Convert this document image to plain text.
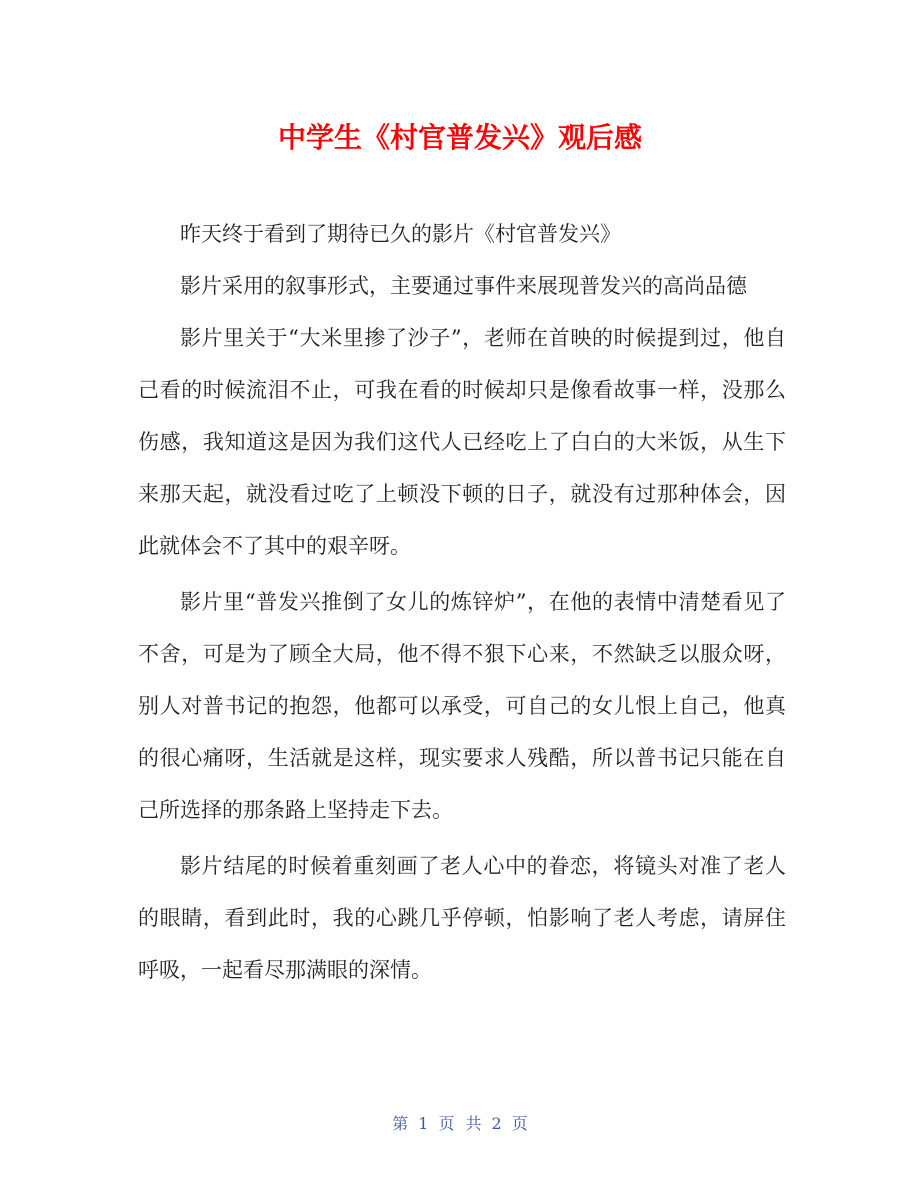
中学生《村官普发兴》观后感

昨天终于看到了期待已久的影片《村官普发兴》

影片采用的叙事形式，主要通过事件来展现普发兴的高尚品德

影片里关于“大米里掺了沙子”，老师在首映的时候提到过，他自己看的时候流泪不止，可我在看的时候却只是像看故事一样，没那么伤感，我知道这是因为我们这代人已经吃上了白白的大米饭，从生下来那天起，就没看过吃了上顿没下顿的日子，就没有过那种体会，因此就体会不了其中的艰辛呀。

影片里“普发兴推倒了女儿的炼锌炉”，在他的表情中清楚看见了不舍，可是为了顾全大局，他不得不狠下心来，不然缺乏以服众呀，别人对普书记的抱怨，他都可以承受，可自己的女儿恨上自己，他真的很心痛呀，生活就是这样，现实要求人残酷，所以普书记只能在自己所选择的那条路上坚持走下去。

影片结尾的时候着重刻画了老人心中的眷恋，将镜头对准了老人的眼睛，看到此时，我的心跳几乎停顿，怕影响了老人考虑，请屏住呼吸，一起看尽那满眼的深情。

第 1 页 共 2 页
